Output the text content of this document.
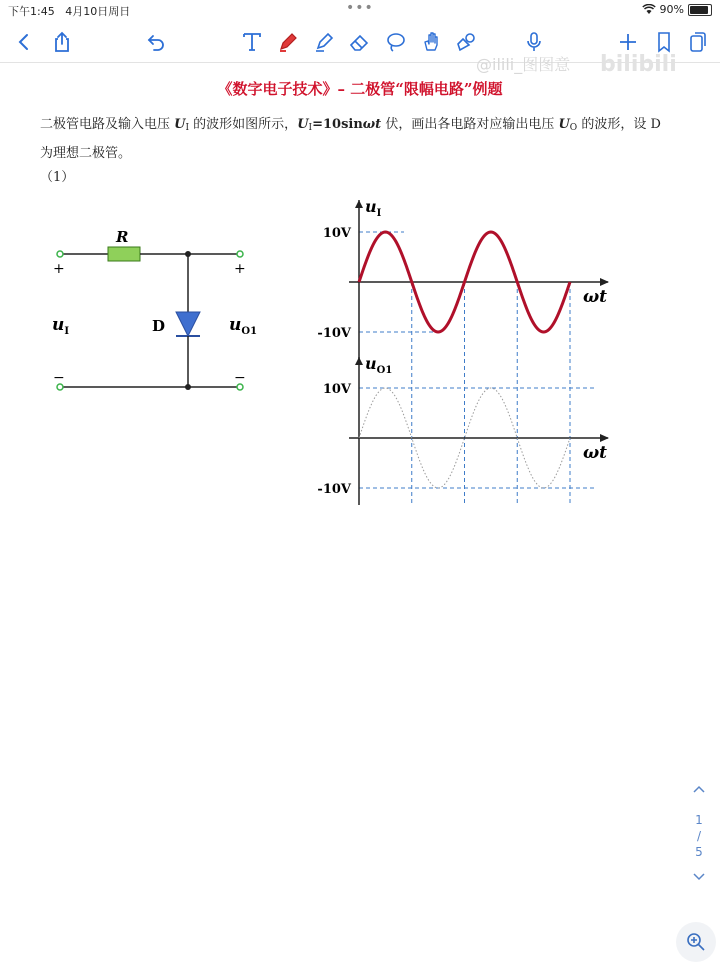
下午1:45 4月10日周日	•••	90%
@ilili_图图意 bilibili
《数字电子技术》– 二极管“限幅电路”例题
二极管电路及输入电压 $U_I$ 的波形如图所示，$U_I=10\sin\omega t$ 伏，画出各电路对应输出电压 $U_O$ 的波形，设 D
为理想二极管。
（1）
R
D
+	+
−	−
$u_I$	$u_{O1}$
$u_I$
ωt
10V
-10V
$u_{O1}$
ωt
10V
-10V
1
/
5
